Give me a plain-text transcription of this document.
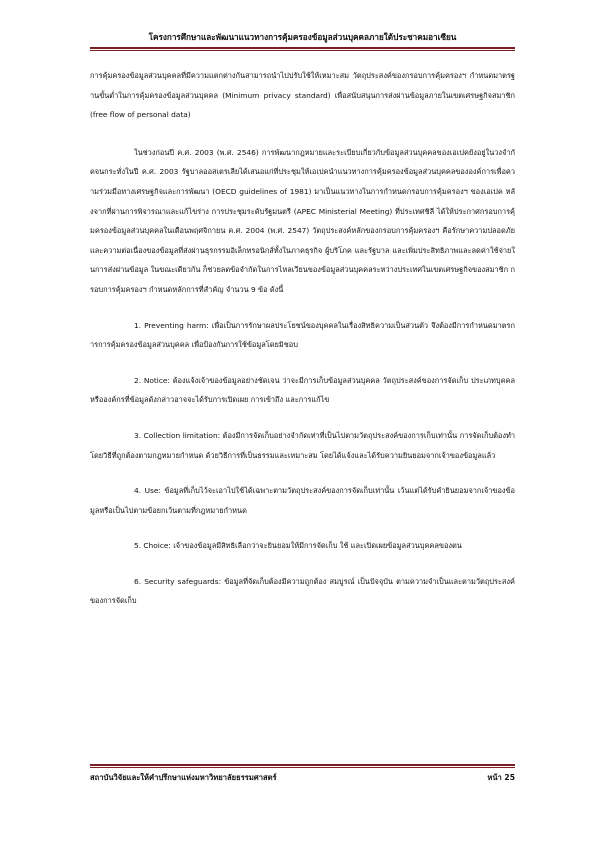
โครงการศึกษาและพัฒนาแนวทางการคุ้มครองข้อมูลส่วนบุคคลภายใต้ประชาคมอาเซียน

การคุ้มครองข้อมูลส่วนบุคคลที่มีความแตกต่างกันสามารถนำไปปรับใช้ให้เหมาะสม วัตถุประสงค์ของกรอบการคุ้มครองฯ กำหนดมาตรฐานขั้นต่ำในการคุ้มครองข้อมูลส่วนบุคคล (Minimum privacy standard) เพื่อสนับสนุนการส่งผ่านข้อมูลภายในเขตเศรษฐกิจสมาชิก (free flow of personal data)

ในช่วงก่อนปี ค.ศ. 2003 (พ.ศ. 2546) การพัฒนากฎหมายและระเบียบเกี่ยวกับข้อมูลส่วนบุคคลของเอเปคยังอยู่ในวงจำกัดจนกระทั่งในปี ค.ศ. 2003 รัฐบาลออสเตรเลียได้เสนอแก่ที่ประชุมให้เอเปคนำแนวทางการคุ้มครองข้อมูลส่วนบุคคลขององค์การเพื่อความร่วมมือทางเศรษฐกิจและการพัฒนา (OECD guidelines of 1981) มาเป็นแนวทางในการกำหนดกรอบการคุ้มครองฯ ของเอเปค หลังจากที่ผ่านการพิจารณาและแก้ไขร่าง การประชุมระดับรัฐมนตรี (APEC Ministerial Meeting) ที่ประเทศชิลี ได้ให้ประกาศกรอบการคุ้มครองข้อมูลส่วนบุคคลในเดือนพฤศจิกายน ค.ศ. 2004 (พ.ศ. 2547) วัตถุประสงค์หลักของกรอบการคุ้มครองฯ คือรักษาความปลอดภัยและความต่อเนื่องของข้อมูลที่ส่งผ่านธุรกรรมอิเล็กทรอนิกส์ทั้งในภาคธุรกิจ ผู้บริโภค และรัฐบาล และเพิ่มประสิทธิภาพและลดค่าใช้จ่ายในการส่งผ่านข้อมูล ในขณะเดียวกัน ก็ช่วยลดข้อจำกัดในการไหลเวียนของข้อมูลส่วนบุคคลระหว่างประเทศในเขตเศรษฐกิจของสมาชิก กรอบการคุ้มครองฯ กำหนดหลักการที่สำคัญ จำนวน 9 ข้อ ดังนี้

1. Preventing harm: เพื่อเป็นการรักษาผลประโยชน์ของบุคคลในเรื่องสิทธิความเป็นส่วนตัว จึงต้องมีการกำหนดมาตรการการคุ้มครองข้อมูลส่วนบุคคล เพื่อป้องกันการใช้ข้อมูลโดยมิชอบ

2. Notice: ต้องแจ้งเจ้าของข้อมูลอย่างชัดเจน ว่าจะมีการเก็บข้อมูลส่วนบุคคล วัตถุประสงค์ของการจัดเก็บ ประเภทบุคคลหรือองค์กรที่ข้อมูลดังกล่าวอาจจะได้รับการเปิดเผย การเข้าถึง และการแก้ไข

3. Collection limitation: ต้องมีการจัดเก็บอย่างจำกัดเท่าที่เป็นไปตามวัตถุประสงค์ของการเก็บเท่านั้น การจัดเก็บต้องทำโดยวิธีที่ถูกต้องตามกฎหมายกำหนด ด้วยวิธีการที่เป็นธรรมและเหมาะสม โดยได้แจ้งและได้รับความยินยอมจากเจ้าของข้อมูลแล้ว

4. Use: ข้อมูลที่เก็บไว้จะเอาไปใช้ได้เฉพาะตามวัตถุประสงค์ของการจัดเก็บเท่านั้น เว้นแต่ได้รับคำยินยอมจากเจ้าของข้อมูลหรือเป็นไปตามข้อยกเว้นตามที่กฎหมายกำหนด

5. Choice: เจ้าของข้อมูลมีสิทธิเลือกว่าจะยินยอมให้มีการจัดเก็บ ใช้ และเปิดเผยข้อมูลส่วนบุคคลของตน

6. Security safeguards: ข้อมูลที่จัดเก็บต้องมีความถูกต้อง สมบูรณ์ เป็นปัจจุบัน ตามความจำเป็นและตามวัตถุประสงค์ของการจัดเก็บ

สถาบันวิจัยและให้คำปรึกษาแห่งมหาวิทยาลัยธรรมศาสตร์	หน้า 25
